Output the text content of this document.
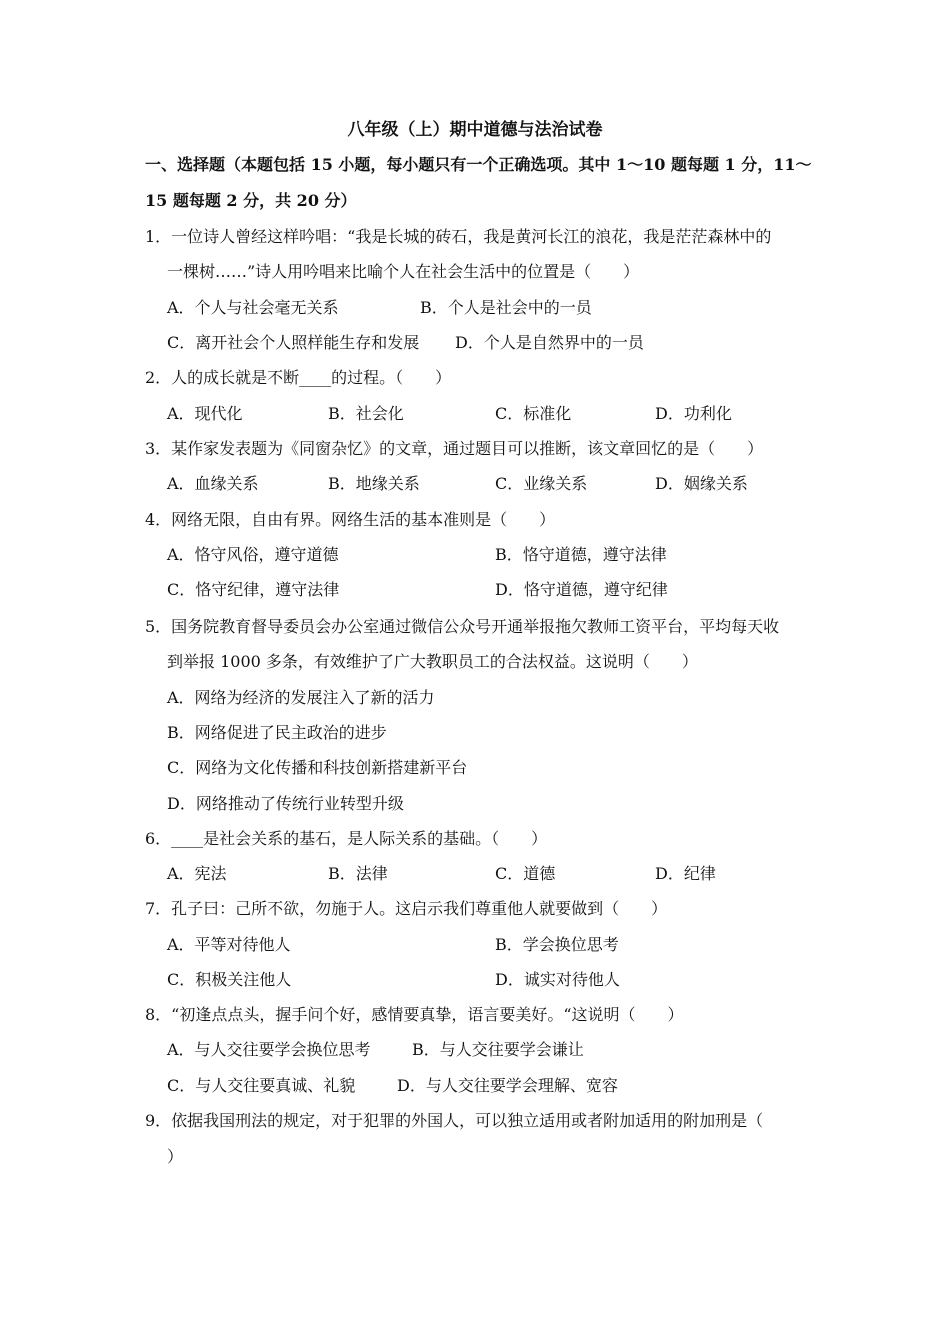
八年级（上）期中道德与法治试卷
一、选择题（本题包括 15 小题，每小题只有一个正确选项。其中 1～10 题每题 1 分，11～
15 题每题 2 分，共 20 分）
1．一位诗人曾经这样吟唱：“我是长城的砖石，我是黄河长江的浪花，我是茫茫森林中的
一棵树……”诗人用吟唱来比喻个人在社会生活中的位置是（　　）
A．个人与社会毫无关系	B．个人是社会中的一员
C．离开社会个人照样能生存和发展 D．个人是自然界中的一员
2．人的成长就是不断____的过程。（　　）
A．现代化	B．社会化	C．标准化	D．功利化
3．某作家发表题为《同窗杂忆》的文章，通过题目可以推断，该文章回忆的是（　　）
A．血缘关系	B．地缘关系	C．业缘关系	D．姻缘关系
4．网络无限，自由有界。网络生活的基本准则是（　　）
A．恪守风俗，遵守道德	B．恪守道德，遵守法律
C．恪守纪律，遵守法律	D．恪守道德，遵守纪律
5．国务院教育督导委员会办公室通过微信公众号开通举报拖欠教师工资平台，平均每天收
到举报 1000 多条，有效维护了广大教职员工的合法权益。这说明（　　）
A．网络为经济的发展注入了新的活力
B．网络促进了民主政治的进步
C．网络为文化传播和科技创新搭建新平台
D．网络推动了传统行业转型升级
6．____是社会关系的基石，是人际关系的基础。（　　）
A．宪法	B．法律	C．道德	D．纪律
7．孔子曰：己所不欲，勿施于人。这启示我们尊重他人就要做到（　　）
A．平等对待他人	B．学会换位思考
C．积极关注他人	D．诚实对待他人
8．“初逢点点头，握手问个好，感情要真挚，语言要美好。“这说明（　　）
A．与人交往要学会换位思考	B．与人交往要学会谦让
C．与人交往要真诚、礼貌	D．与人交往要学会理解、宽容
9．依据我国刑法的规定，对于犯罪的外国人，可以独立适用或者附加适用的附加刑是（
）
